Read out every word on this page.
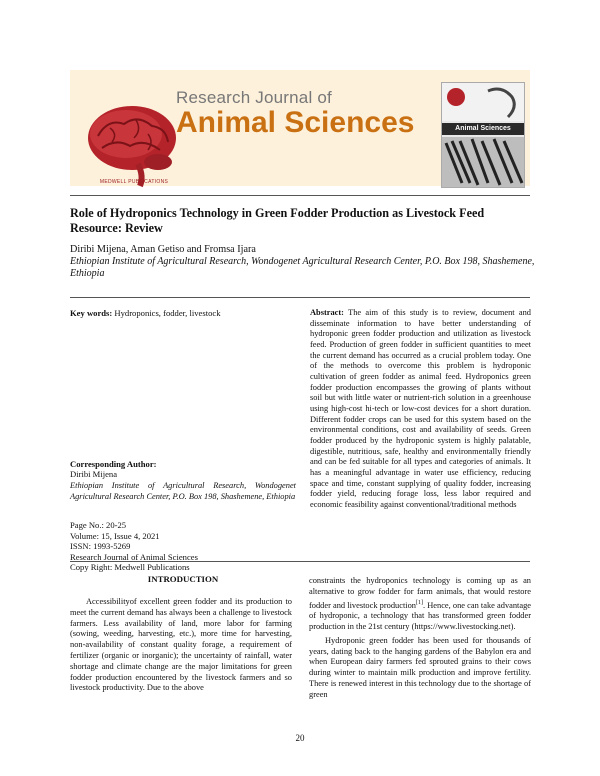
MEDWELL PUBLICATIONS
Research Journal of
Animal Sciences	Animal Sciences
Role of Hydroponics Technology in Green Fodder Production as Livestock Feed Resource: Review
Diribi Mijena, Aman Getiso and Fromsa Ijara
Ethiopian Institute of Agricultural Research, Wondogenet Agricultural Research Center, P.O. Box 198, Shashemene, Ethiopia
Key words: Hydroponics, fodder, livestock
Corresponding Author:
Diribi Mijena
Ethiopian Institute of Agricultural Research, Wondogenet Agricultural Research Center, P.O. Box 198, Shashemene, Ethiopia
Page No.: 20-25
Volume: 15, Issue 4, 2021
ISSN: 1993-5269
Research Journal of Animal Sciences
Copy Right: Medwell Publications
Abstract: The aim of this study is to review, document and disseminate information to have better understanding of hydroponic green fodder production and utilization as livestock feed. Production of green fodder in sufficient quantities to meet the current demand has occurred as a crucial problem today. One of the methods to overcome this problem is hydroponic cultivation of green fodder as animal feed. Hydroponics green fodder production encompasses the growing of plants without soil but with little water or nutrient-rich solution in a greenhouse using high-cost hi-tech or low-cost devices for a short duration. Different fodder crops can be used for this system based on the environmental conditions, cost and availability of seeds. Green fodder produced by the hydroponic system is highly palatable, digestible, nutritious, safe, healthy and environmentally friendly and can be fed suitable for all types and categories of animals. It has a meaningful advantage in water use efficiency, reducing space and time, constant supplying of quality fodder, increasing fodder yield, reducing forage loss, less labor required and economic feasibility against conventional/traditional methods
INTRODUCTION

Accessibilityof excellent green fodder and its production to meet the current demand has always been a challenge to livestock farmers. Less availability of land, more labor for farming (sowing, weeding, harvesting, etc.), more time for harvesting, non-availability of constant quality forage, a requirement of fertilizer (organic or inorganic); the uncertainty of rainfall, water shortage and climate change are the major limitations for green fodder production encountered by the livestock farmers and so livestock productivity. Due to the above

constraints the hydroponics technology is coming up as an alternative to grow fodder for farm animals, that would restore fodder and livestock production[1]. Hence, one can take advantage of hydroponic, a technology that has transformed green fodder production in the 21st century (https://www.livestocking.net).

Hydroponic green fodder has been used for thousands of years, dating back to the hanging gardens of the Babylon era and when European dairy farmers fed sprouted grains to their cows during winter to maintain milk production and improve fertility. There is renewed interest in this technology due to the shortage of green

20
